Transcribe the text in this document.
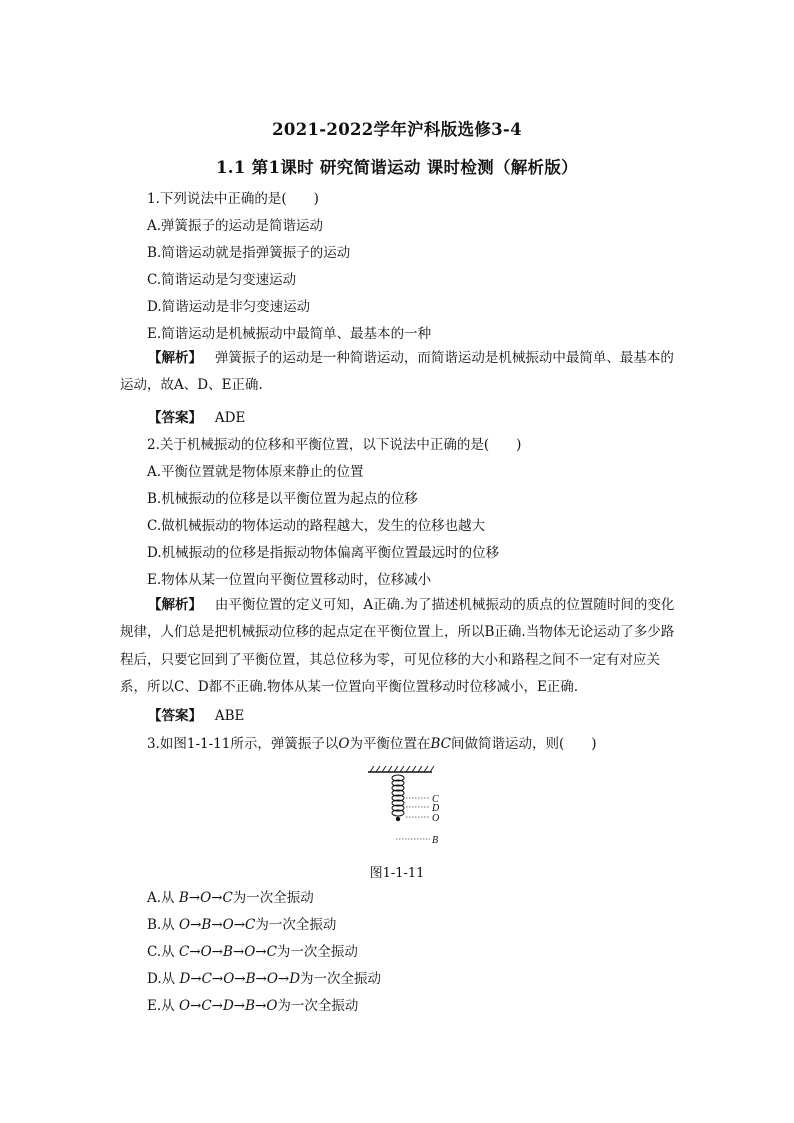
2021-2022学年沪科版选修3-4
1.1 第1课时 研究简谐运动 课时检测（解析版）
1.下列说法中正确的是(　　)
A.弹簧振子的运动是简谐运动
B.简谐运动就是指弹簧振子的运动
C.简谐运动是匀变速运动
D.简谐运动是非匀变速运动
E.简谐运动是机械振动中最简单、最基本的一种
【解析】 弹簧振子的运动是一种简谐运动，而简谐运动是机械振动中最简单、最基本的运动，故A、D、E正确.
【答案】 ADE
2.关于机械振动的位移和平衡位置，以下说法中正确的是(　　)
A.平衡位置就是物体原来静止的位置
B.机械振动的位移是以平衡位置为起点的位移
C.做机械振动的物体运动的路程越大，发生的位移也越大
D.机械振动的位移是指振动物体偏离平衡位置最远时的位移
E.物体从某一位置向平衡位置移动时，位移减小
【解析】 由平衡位置的定义可知，A正确.为了描述机械振动的质点的位置随时间的变化规律，人们总是把机械振动位移的起点定在平衡位置上，所以B正确.当物体无论运动了多少路程后，只要它回到了平衡位置，其总位移为零，可见位移的大小和路程之间不一定有对应关系，所以C、D都不正确.物体从某一位置向平衡位置移动时位移减小，E正确.
【答案】 ABE
3.如图1-1-11所示，弹簧振子以O为平衡位置在BC间做简谐运动，则(　　)
C
D
O
B
图1-1-11
A.从 B→O→C为一次全振动
B.从 O→B→O→C为一次全振动
C.从 C→O→B→O→C为一次全振动
D.从 D→C→O→B→O→D为一次全振动
E.从 O→C→D→B→O为一次全振动
